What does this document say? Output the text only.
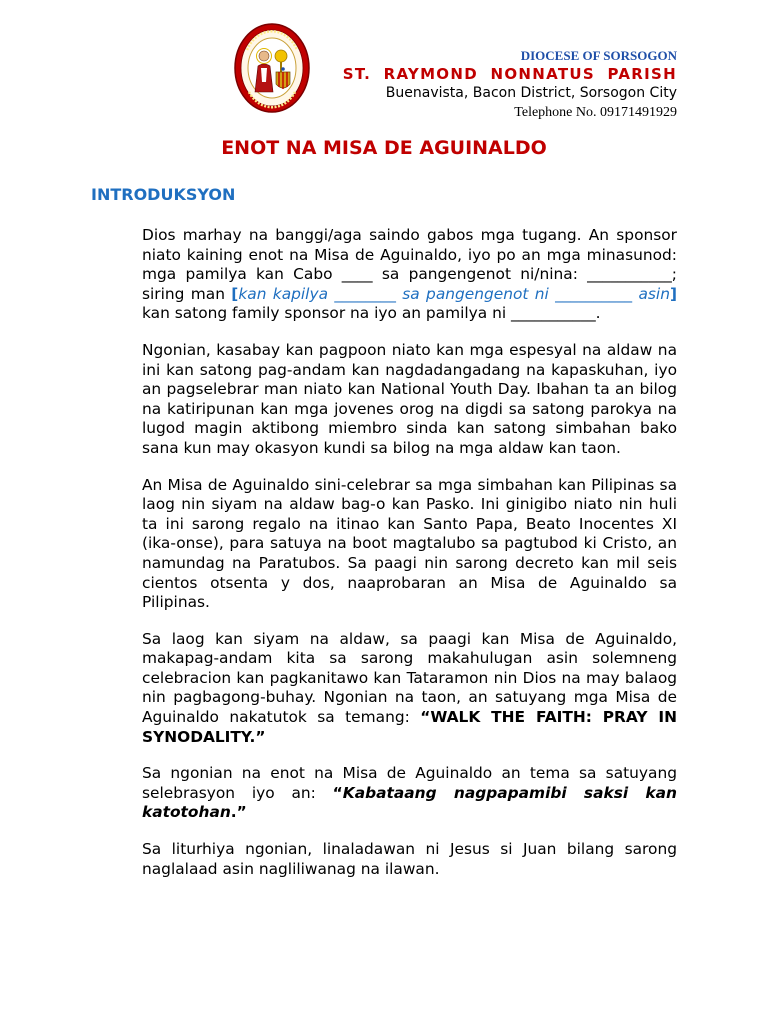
DIOCESE OF SORSOGON
ST. RAYMOND NONNATUS PARISH
Buenavista, Bacon District, Sorsogon City
Telephone No. 09171491929
ENOT NA MISA DE AGUINALDO
INTRODUKSYON

Dios marhay na banggi/aga saindo gabos mga tugang. An sponsor niato kaining enot na Misa de Aguinaldo, iyo po an mga minasunod: mga pamilya kan Cabo ____ sa pangengenot ni/nina: ___________; siring man [kan kapilya ________ sa pangengenot ni __________ asin] kan satong family sponsor na iyo an pamilya ni ___________.

Ngonian, kasabay kan pagpoon niato kan mga espesyal na aldaw na ini kan satong pag-andam kan nagdadangadang na kapaskuhan, iyo an pagselebrar man niato kan National Youth Day. Ibahan ta an bilog na katiripunan kan mga jovenes orog na digdi sa satong parokya na lugod magin aktibong miembro sinda kan satong simbahan bako sana kun may okasyon kundi sa bilog na mga aldaw kan taon.

An Misa de Aguinaldo sini-celebrar sa mga simbahan kan Pilipinas sa laog nin siyam na aldaw bag-o kan Pasko. Ini ginigibo niato nin huli ta ini sarong regalo na itinao kan Santo Papa, Beato Inocentes XI (ika-onse), para satuya na boot magtalubo sa pagtubod ki Cristo, an namundag na Paratubos. Sa paagi nin sarong decreto kan mil seis cientos otsenta y dos, naaprobaran an Misa de Aguinaldo sa Pilipinas.

Sa laog kan siyam na aldaw, sa paagi kan Misa de Aguinaldo, makapag-andam kita sa sarong makahulugan asin solemneng celebracion kan pagkanitawo kan Tataramon nin Dios na may balaog nin pagbagong-buhay. Ngonian na taon, an satuyang mga Misa de Aguinaldo nakatutok sa temang: “WALK THE FAITH: PRAY IN SYNODALITY.”

Sa ngonian na enot na Misa de Aguinaldo an tema sa satuyang selebrasyon iyo an: “Kabataang nagpapamibi saksi kan katotohan.”

Sa liturhiya ngonian, linaladawan ni Jesus si Juan bilang sarong naglalaad asin nagliliwanag na ilawan.
